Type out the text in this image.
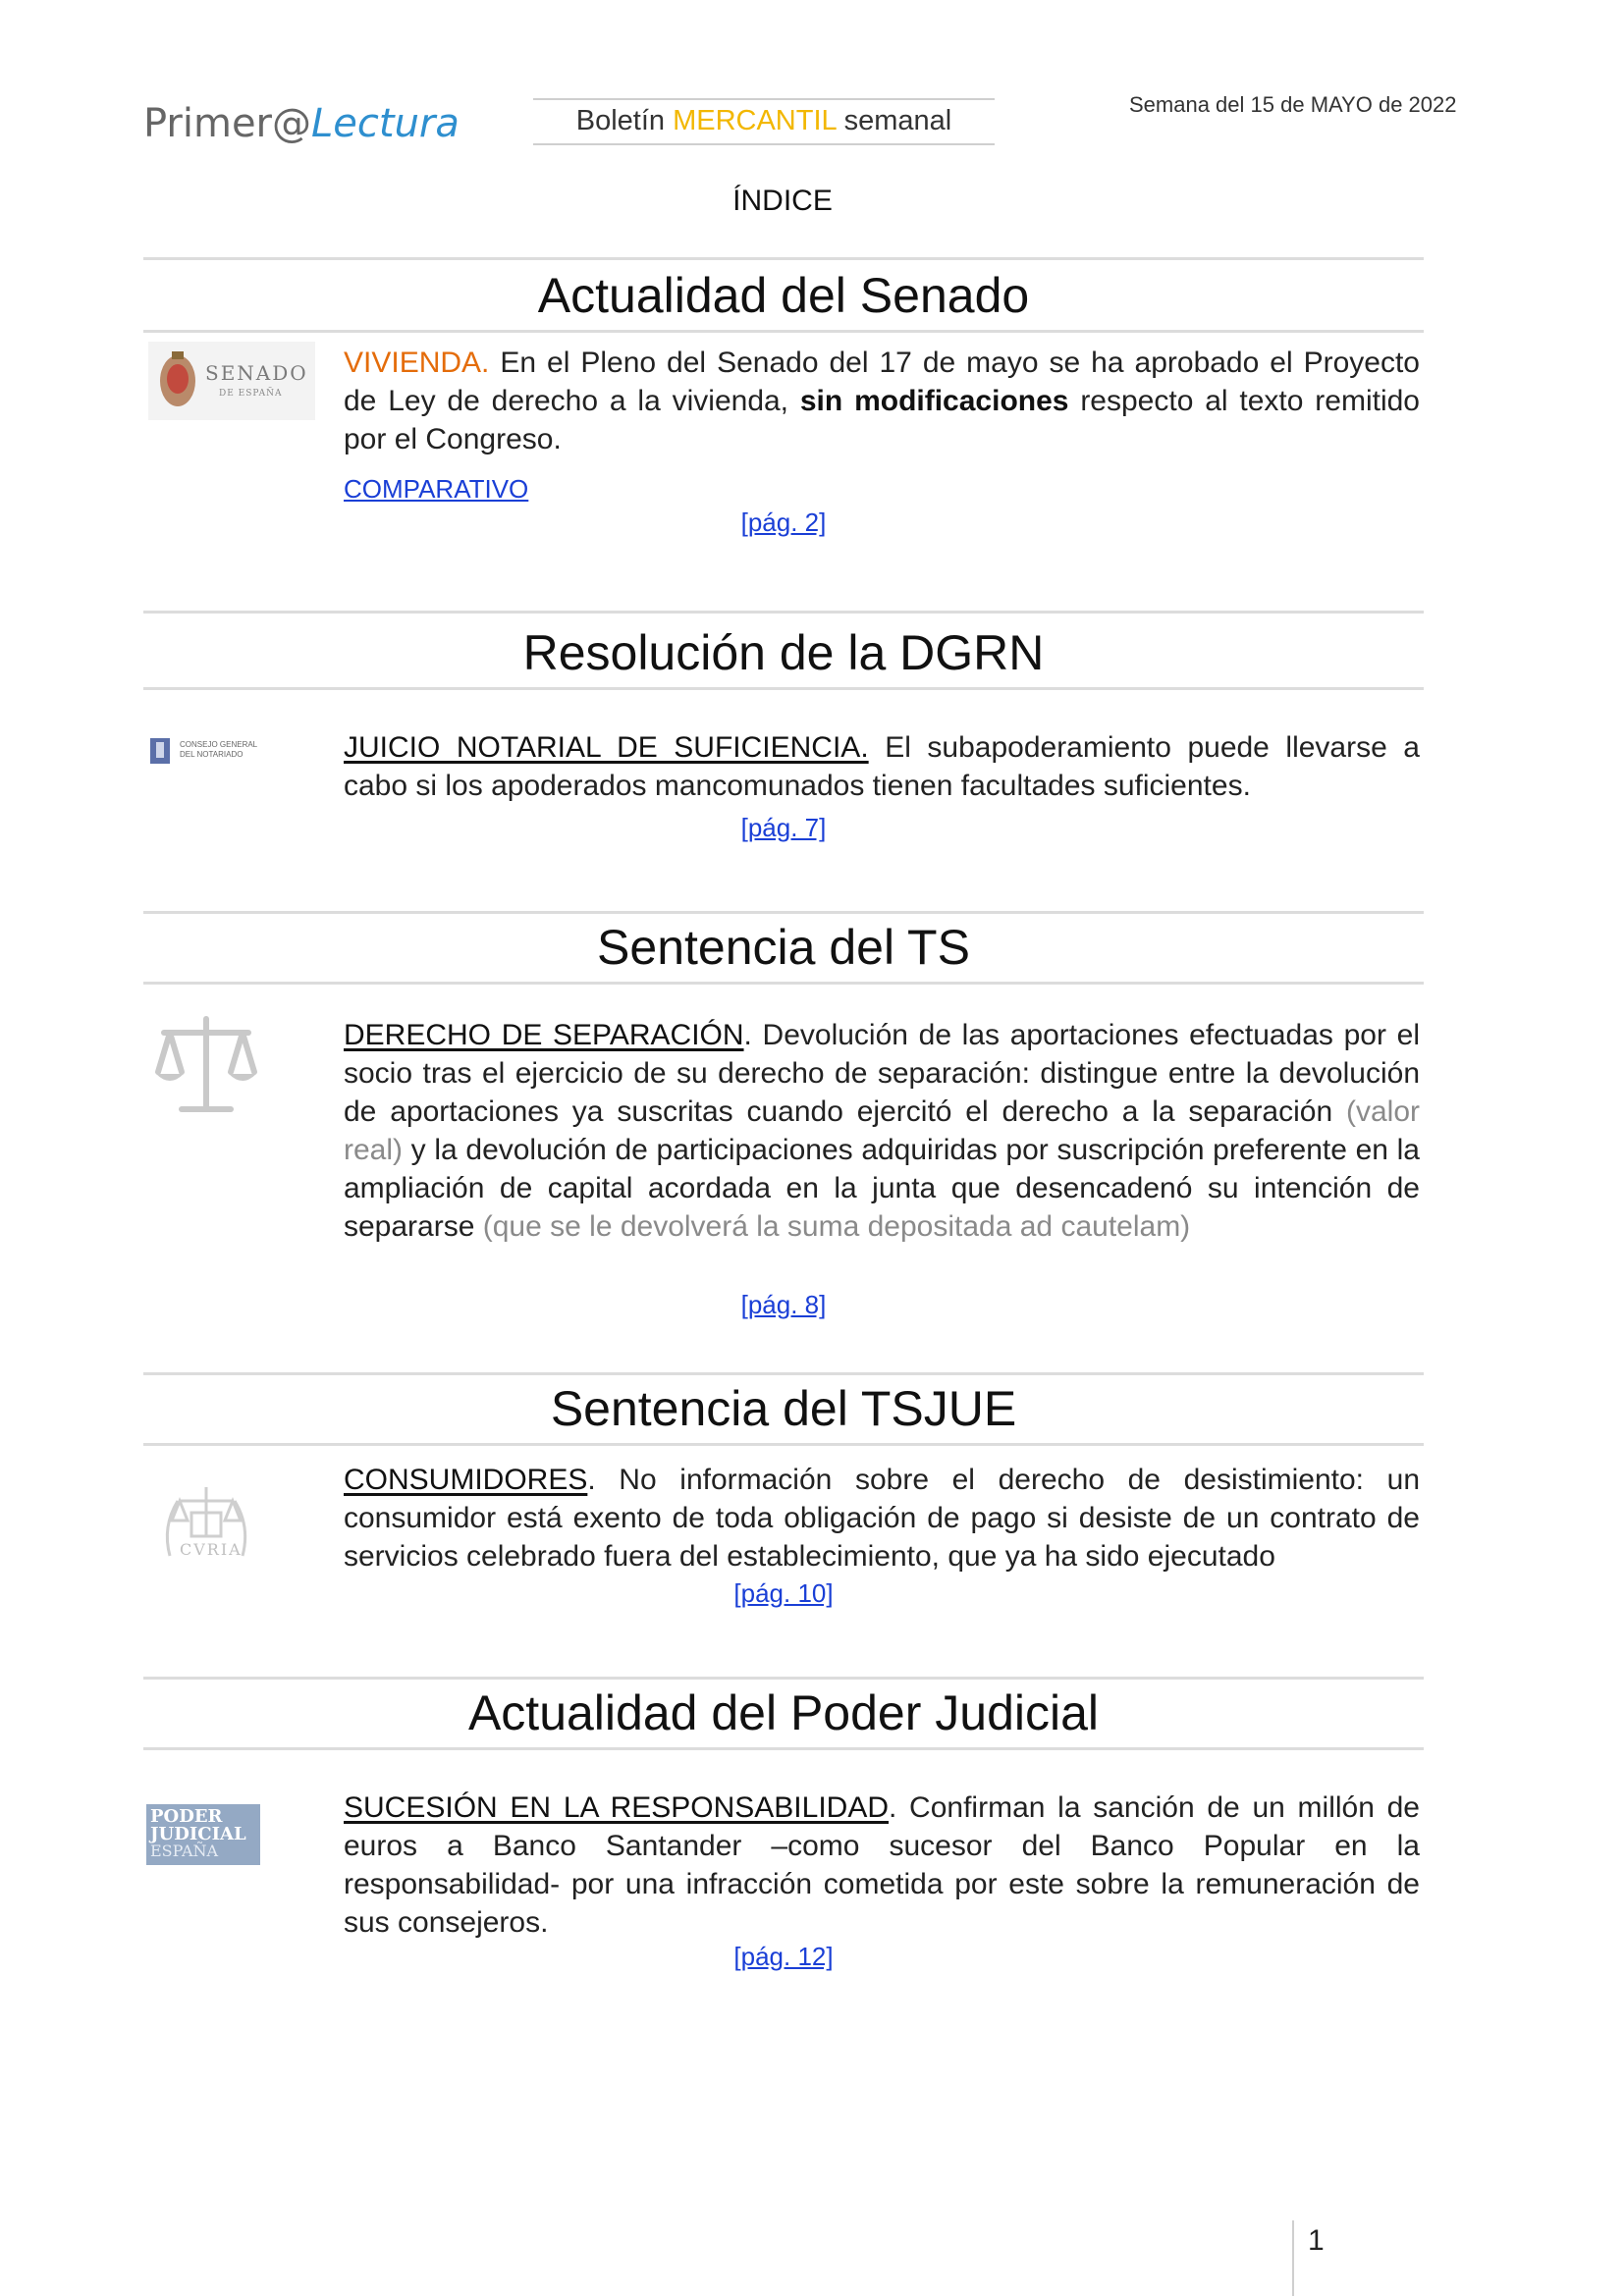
Primer@Lectura	Boletín MERCANTIL semanal
Semana del 15 de MAYO de 2022
ÍNDICE
Actualidad del Senado
SENADO
DE ESPAÑA
VIVIENDA. En el Pleno del Senado del 17 de mayo se ha aprobado el Proyecto de Ley de derecho a la vivienda, sin modificaciones respecto al texto remitido por el Congreso.
COMPARATIVO
[pág. 2]
Resolución de la DGRN
CONSEJO GENERAL
DEL NOTARIADO	JUICIO NOTARIAL DE SUFICIENCIA. El subapoderamiento puede llevarse a cabo si los apoderados mancomunados tienen facultades suficientes.
[pág. 7]
Sentencia del TS
DERECHO DE SEPARACIÓN. Devolución de las aportaciones efectuadas por el socio tras el ejercicio de su derecho de separación: distingue entre la devolución de aportaciones ya suscritas cuando ejercitó el derecho a la separación (valor real) y la devolución de participaciones adquiridas por suscripción preferente en la ampliación de capital acordada en la junta que desencadenó su intención de separarse (que se le devolverá la suma depositada ad cautelam)
[pág. 8]
Sentencia del TSJUE
CVRIA
CONSUMIDORES. No información sobre el derecho de desistimiento: un consumidor está exento de toda obligación de pago si desiste de un contrato de servicios celebrado fuera del establecimiento, que ya ha sido ejecutado
[pág. 10]
Actualidad del Poder Judicial
PODER
JUDICIAL
ESPAÑA
SUCESIÓN EN LA RESPONSABILIDAD. Confirman la sanción de un millón de euros a Banco Santander –como sucesor del Banco Popular en la responsabilidad- por una infracción cometida por este sobre la remuneración de sus consejeros.
[pág. 12]
1
